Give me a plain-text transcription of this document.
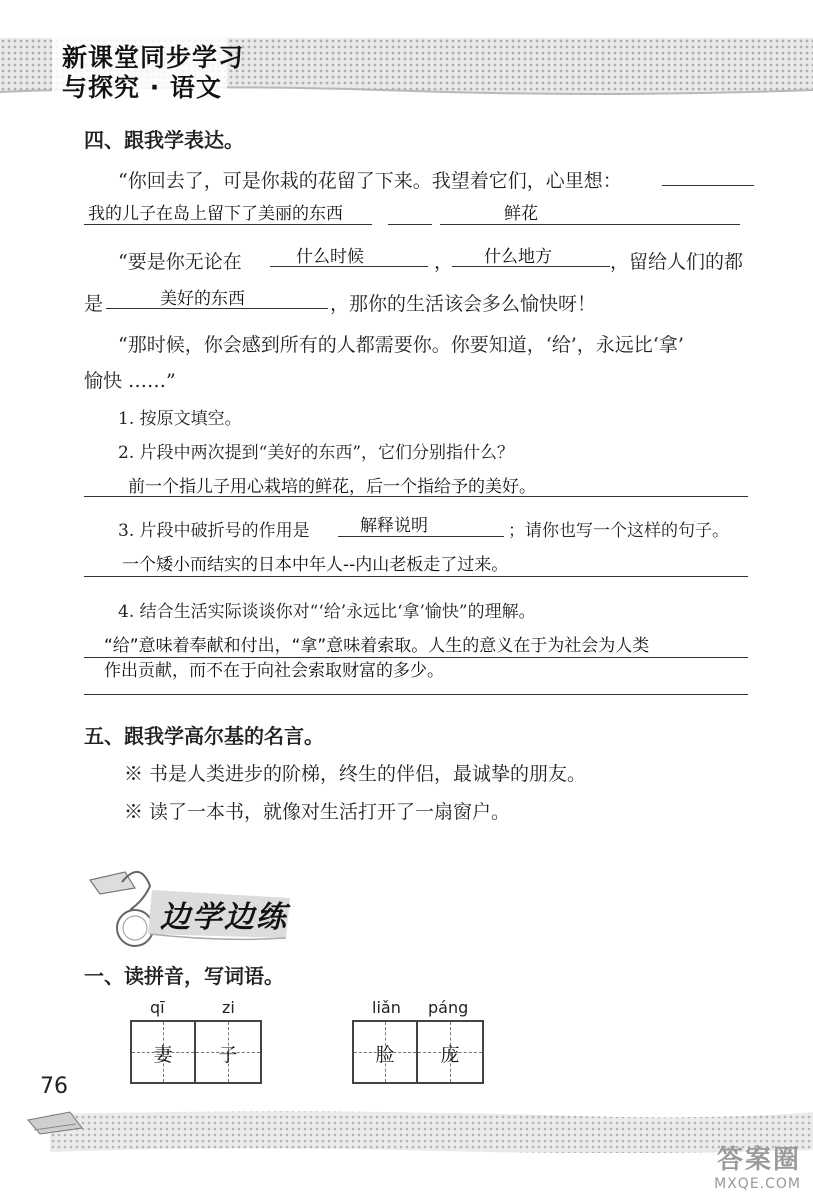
新课堂同步学习
与探究 · 语文
四、跟我学表达。
“你回去了，可是你栽的花留了下来。我望着它们，心里想：
我的儿子在岛上留下了美丽的东西	鲜花
“要是你无论在	什么时候	， 什么地方	，留给人们的都
是	美好的东西	，那你的生活该会多么愉快呀！
“那时候，你会感到所有的人都需要你。你要知道，‘给’，永远比‘拿’
愉快 ……”
1. 按原文填空。
2. 片段中两次提到“美好的东西”，它们分别指什么？
前一个指儿子用心栽培的鲜花，后一个指给予的美好。
3. 片段中破折号的作用是	解释说明	；请你也写一个这样的句子。
一个矮小而结实的日本中年人--内山老板走了过来。
4. 结合生活实际谈谈你对“‘给’永远比‘拿’愉快”的理解。
“给”意味着奉献和付出，“拿”意味着索取。人生的意义在于为社会为人类
作出贡献，而不在于向社会索取财富的多少。
五、跟我学高尔基的名言。
※ 书是人类进步的阶梯，终生的伴侣，最诚挚的朋友。
※ 读了一本书，就像对生活打开了一扇窗户。
边学边练
一、读拼音，写词语。
qī	zi
妻	子
liǎn páng
脸	庞
76
答案圈
MXQE.COM
